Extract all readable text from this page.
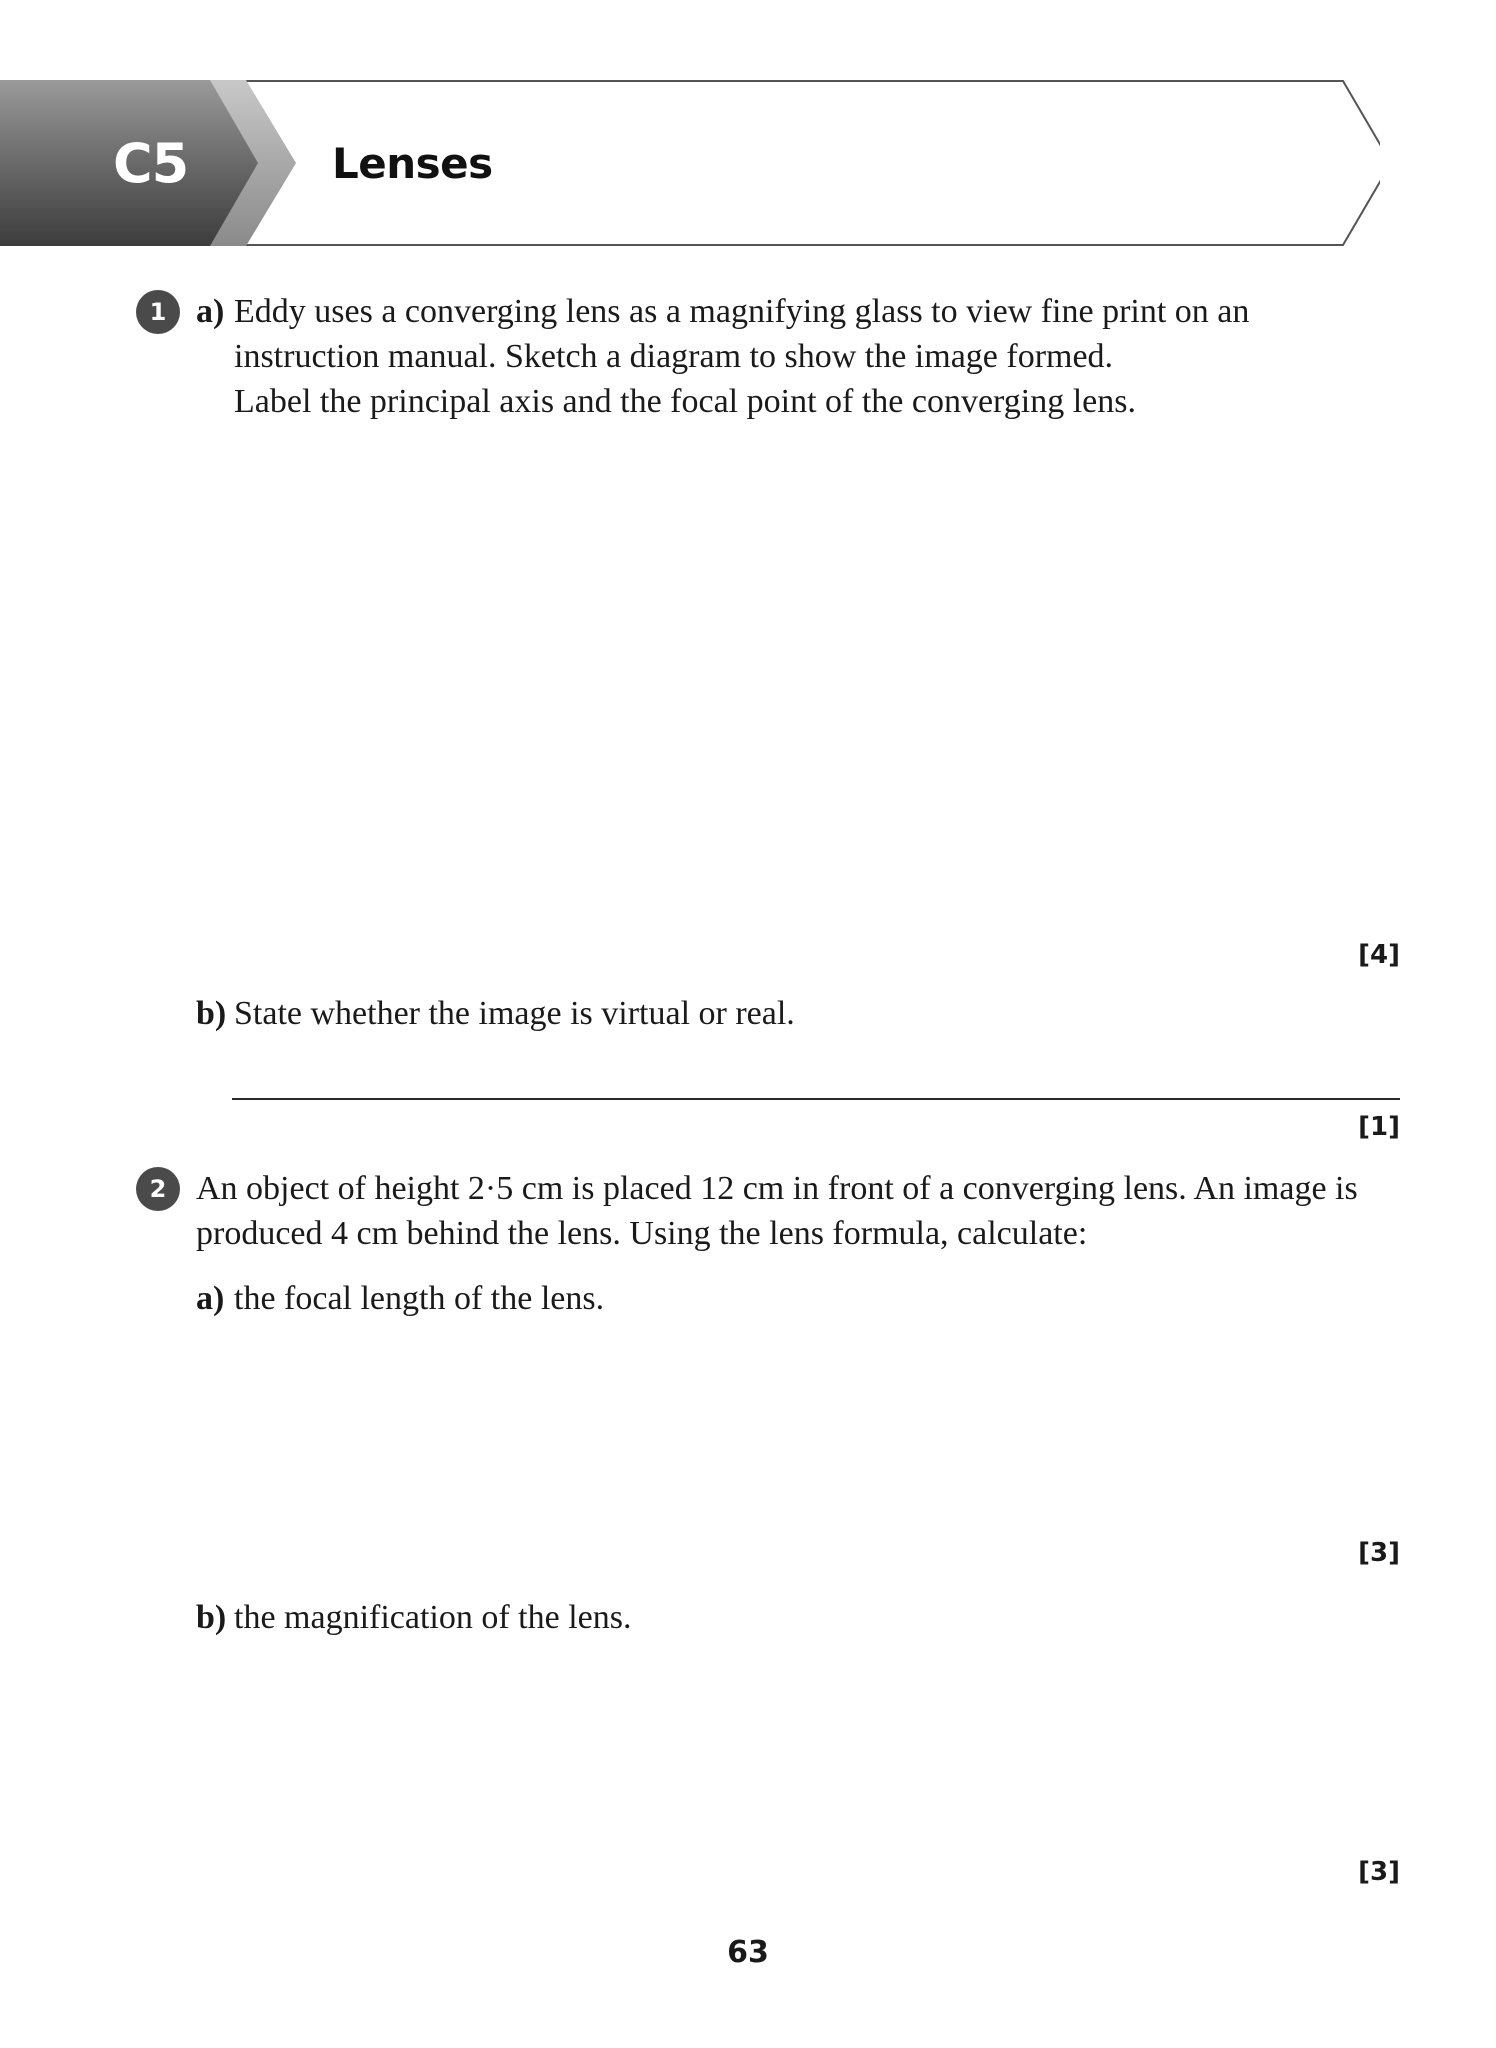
C5	Lenses
1 a) Eddy uses a converging lens as a magnifying glass to view fine print on an
instruction manual. Sketch a diagram to show the image formed.
Label the principal axis and the focal point of the converging lens.
[4]
b) State whether the image is virtual or real.
[1]
2 An object of height 2·5 cm is placed 12 cm in front of a converging lens. An image is
produced 4 cm behind the lens. Using the lens formula, calculate:
a) the focal length of the lens.
[3]
b) the magnification of the lens.
[3]
63
